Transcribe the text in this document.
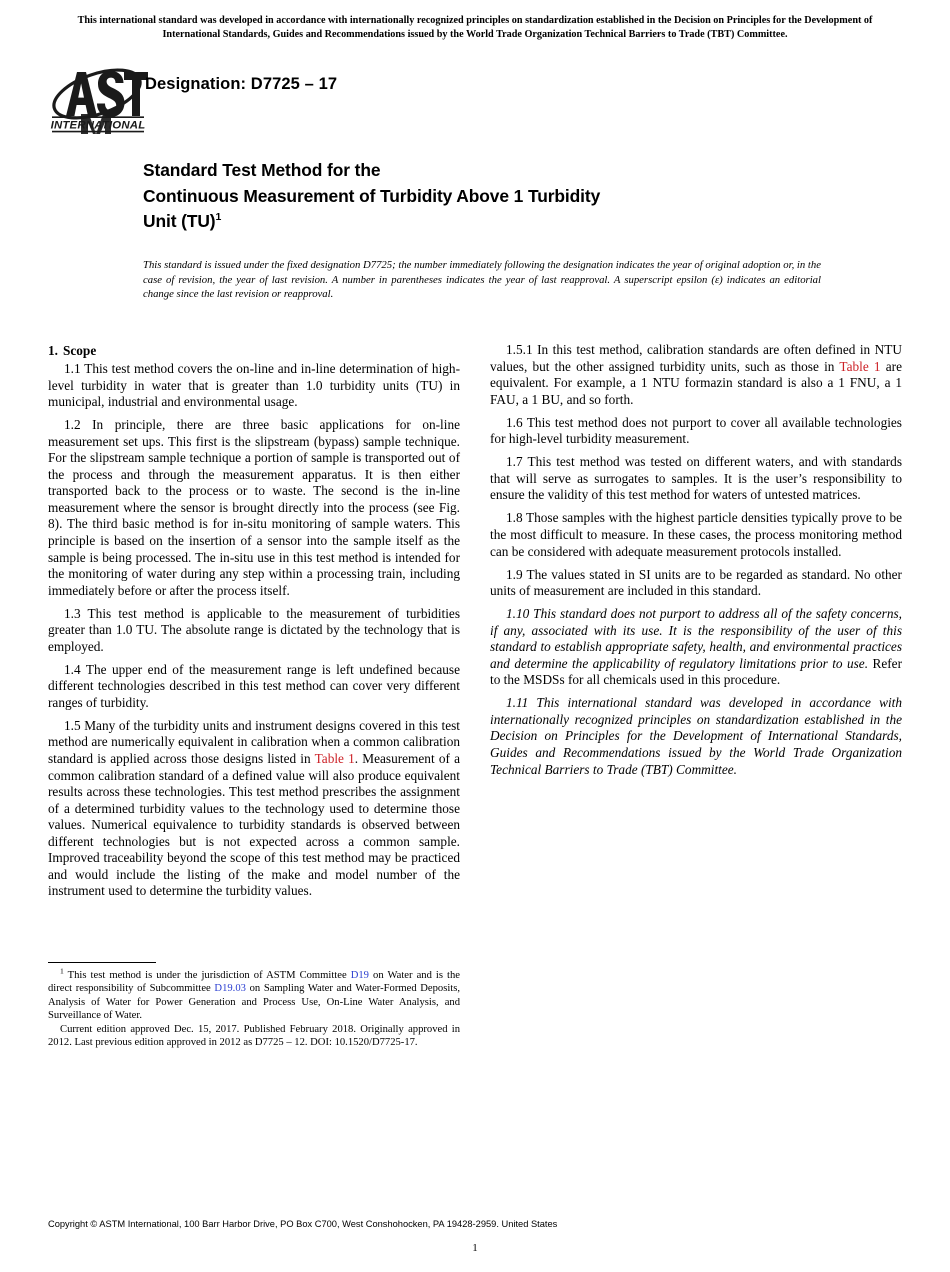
This international standard was developed in accordance with internationally recognized principles on standardization established in the Decision on Principles for the Development of International Standards, Guides and Recommendations issued by the World Trade Organization Technical Barriers to Trade (TBT) Committee.
INTERNATIONAL
Designation: D7725 – 17
Standard Test Method for the
Continuous Measurement of Turbidity Above 1 Turbidity
Unit (TU)$^1$
This standard is issued under the fixed designation D7725; the number immediately following the designation indicates the year of original adoption or, in the case of revision, the year of last revision. A number in parentheses indicates the year of last reapproval. A superscript epsilon (ε) indicates an editorial change since the last revision or reapproval.
1. Scope

1.1 This test method covers the on-line and in-line determination of high-level turbidity in water that is greater than 1.0 turbidity units (TU) in municipal, industrial and environmental usage.

1.2 In principle, there are three basic applications for on-line measurement set ups. This first is the slipstream (bypass) sample technique. For the slipstream sample technique a portion of sample is transported out of the process and through the measurement apparatus. It is then either transported back to the process or to waste. The second is the in-line measurement where the sensor is brought directly into the process (see Fig. 8). The third basic method is for in-situ monitoring of sample waters. This principle is based on the insertion of a sensor into the sample itself as the sample is being processed. The in-situ use in this test method is intended for the monitoring of water during any step within a processing train, including immediately before or after the process itself.

1.3 This test method is applicable to the measurement of turbidities greater than 1.0 TU. The absolute range is dictated by the technology that is employed.

1.4 The upper end of the measurement range is left undefined because different technologies described in this test method can cover very different ranges of turbidity.

1.5 Many of the turbidity units and instrument designs covered in this test method are numerically equivalent in calibration when a common calibration standard is applied across those designs listed in Table 1. Measurement of a common calibration standard of a defined value will also produce equivalent results across these technologies. This test method prescribes the assignment of a determined turbidity values to the technology used to determine those values. Numerical equivalence to turbidity standards is observed between different technologies but is not expected across a common sample. Improved traceability beyond the scope of this test method may be practiced and would include the listing of the make and model number of the instrument used to determine the turbidity values.

$^1$ This test method is under the jurisdiction of ASTM Committee D19 on Water and is the direct responsibility of Subcommittee D19.03 on Sampling Water and Water-Formed Deposits, Analysis of Water for Power Generation and Process Use, On-Line Water Analysis, and Surveillance of Water.

Current edition approved Dec. 15, 2017. Published February 2018. Originally approved in 2012. Last previous edition approved in 2012 as D7725 – 12. DOI: 10.1520/D7725-17.

1.5.1 In this test method, calibration standards are often defined in NTU values, but the other assigned turbidity units, such as those in Table 1 are equivalent. For example, a 1 NTU formazin standard is also a 1 FNU, a 1 FAU, a 1 BU, and so forth.

1.6 This test method does not purport to cover all available technologies for high-level turbidity measurement.

1.7 This test method was tested on different waters, and with standards that will serve as surrogates to samples. It is the user’s responsibility to ensure the validity of this test method for waters of untested matrices.

1.8 Those samples with the highest particle densities typically prove to be the most difficult to measure. In these cases, the process monitoring method can be considered with adequate measurement protocols installed.

1.9 The values stated in SI units are to be regarded as standard. No other units of measurement are included in this standard.

1.10 This standard does not purport to address all of the safety concerns, if any, associated with its use. It is the responsibility of the user of this standard to establish appropriate safety, health, and environmental practices and determine the applicability of regulatory limitations prior to use. Refer to the MSDSs for all chemicals used in this procedure.

1.11 This international standard was developed in accordance with internationally recognized principles on standardization established in the Decision on Principles for the Development of International Standards, Guides and Recommendations issued by the World Trade Organization Technical Barriers to Trade (TBT) Committee.

Copyright © ASTM International, 100 Barr Harbor Drive, PO Box C700, West Conshohocken, PA 19428-2959. United States
1
